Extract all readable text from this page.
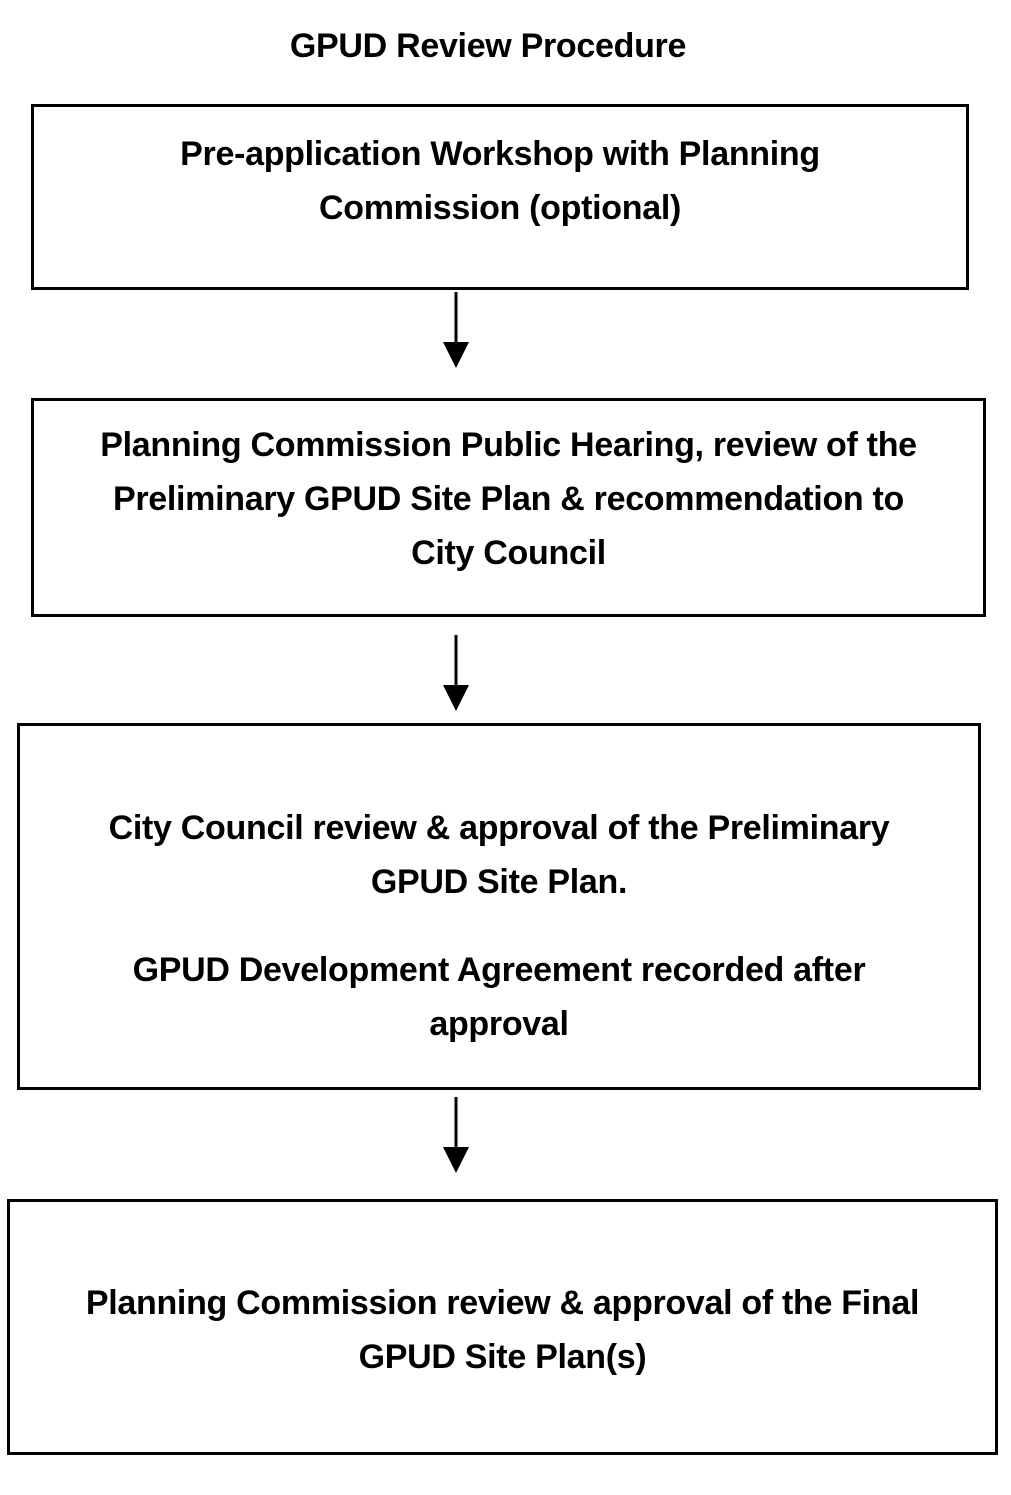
GPUD Review Procedure

Pre-application Workshop with Planning
Commission (optional)

Planning Commission Public Hearing, review of the
Preliminary GPUD Site Plan & recommendation to
City Council

City Council review & approval of the Preliminary
GPUD Site Plan.

GPUD Development Agreement recorded after
approval

Planning Commission review & approval of the Final
GPUD Site Plan(s)
